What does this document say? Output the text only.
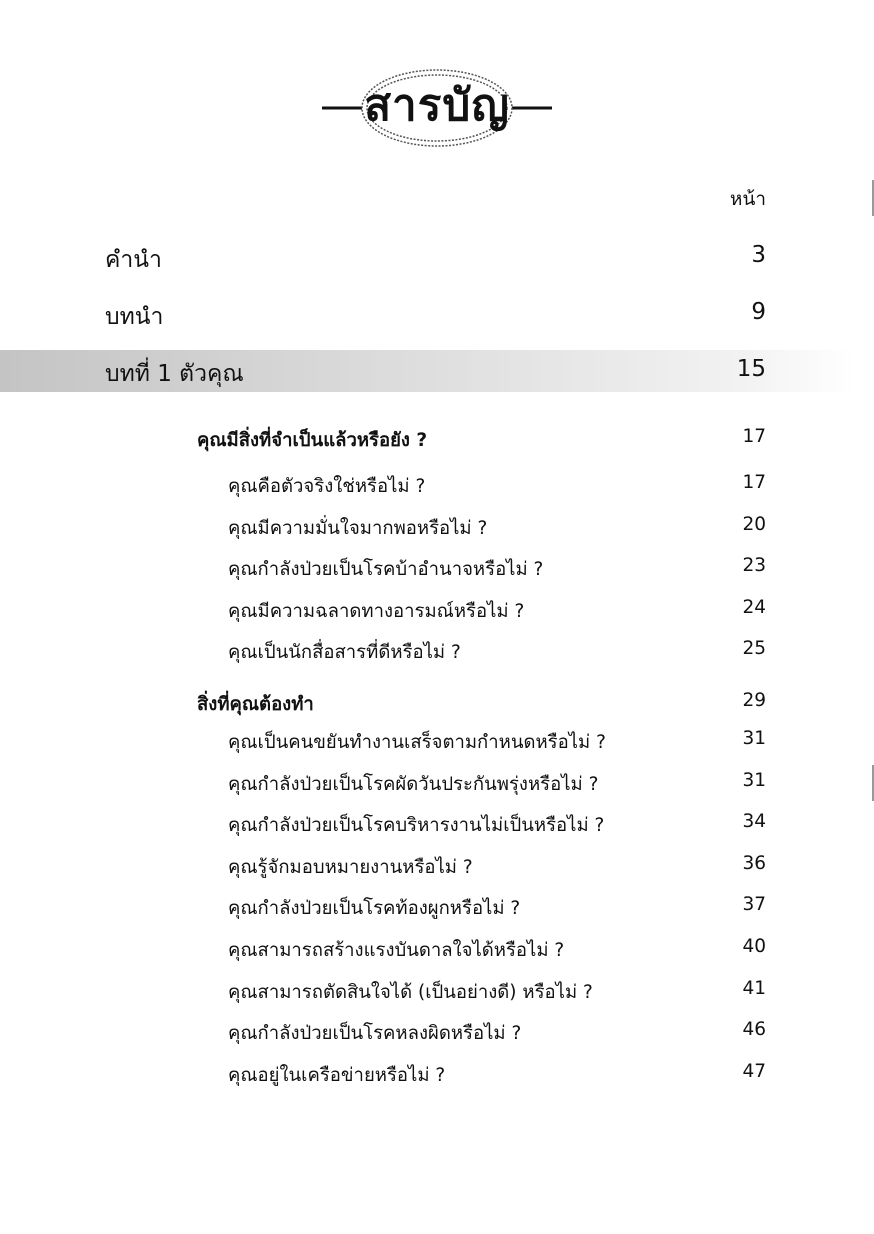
สารบัญ
หน้า
คำนำ	3
บทนำ	9
บทที่ 1 ตัวคุณ	15
คุณมีสิ่งที่จำเป็นแล้วหรือยัง ?	17
คุณคือตัวจริงใช่หรือไม่ ?	17
คุณมีความมั่นใจมากพอหรือไม่ ?	20
คุณกำลังป่วยเป็นโรคบ้าอำนาจหรือไม่ ?	23
คุณมีความฉลาดทางอารมณ์หรือไม่ ?	24
คุณเป็นนักสื่อสารที่ดีหรือไม่ ?	25
สิ่งที่คุณต้องทำ	29
คุณเป็นคนขยันทำงานเสร็จตามกำหนดหรือไม่ ?	31
คุณกำลังป่วยเป็นโรคผัดวันประกันพรุ่งหรือไม่ ?	31
คุณกำลังป่วยเป็นโรคบริหารงานไม่เป็นหรือไม่ ?	34
คุณรู้จักมอบหมายงานหรือไม่ ?	36
คุณกำลังป่วยเป็นโรคท้องผูกหรือไม่ ?	37
คุณสามารถสร้างแรงบันดาลใจได้หรือไม่ ?	40
คุณสามารถตัดสินใจได้ (เป็นอย่างดี) หรือไม่ ?	41
คุณกำลังป่วยเป็นโรคหลงผิดหรือไม่ ?	46
คุณอยู่ในเครือข่ายหรือไม่ ?	47
